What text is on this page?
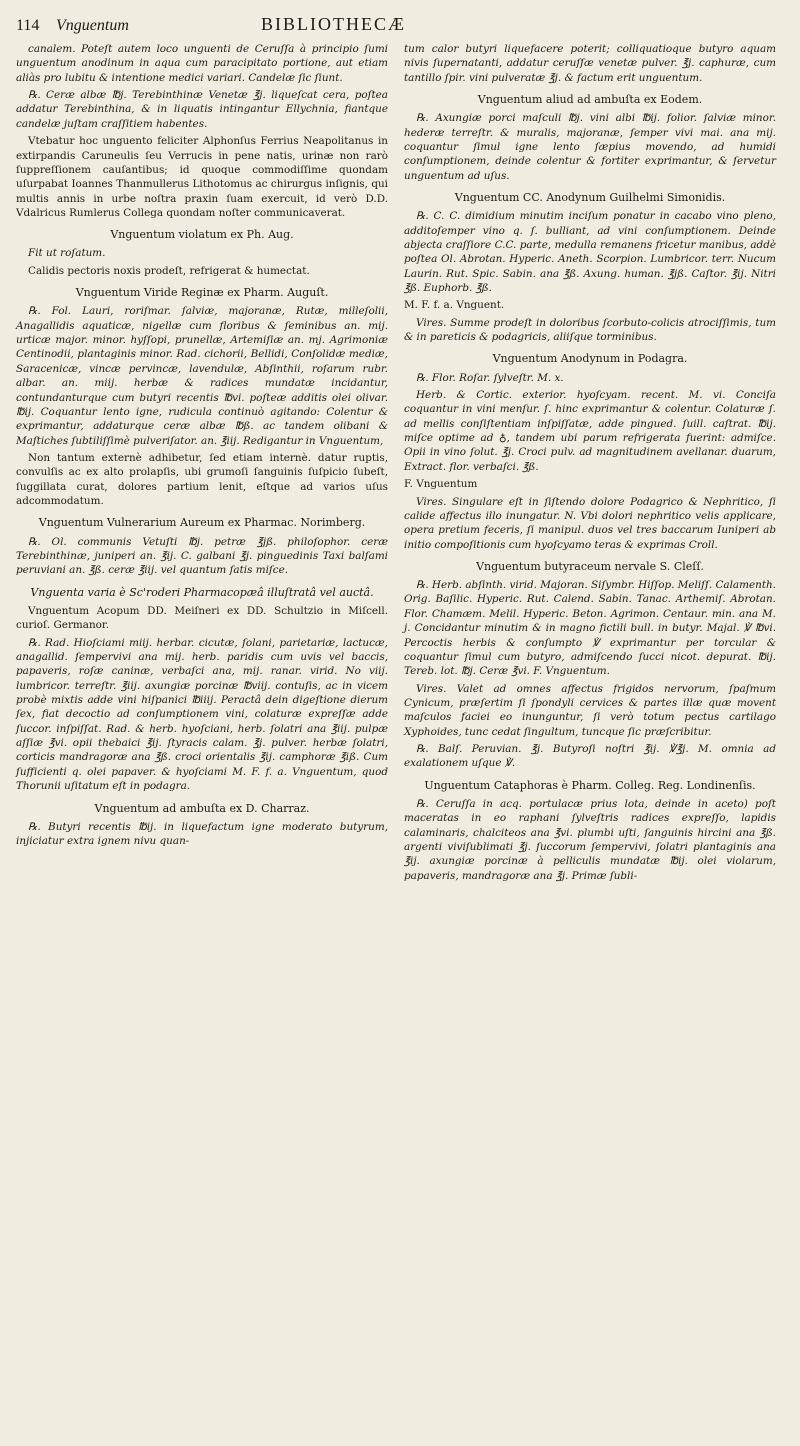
114	Vnguentum	BIBLIOTHECÆ

canalem. Poteſt autem loco unguenti de Ceruſſa à principio ſumi unguentum anodinum in aqua cum paracipitato portione, aut etiam aliàs pro lubitu & intentione medici variari. Candelæ ſic ſiunt.

℞. Ceræ albæ ℔j. Terebinthinæ Venetæ ℥j. liqueſcat cera, poſtea addatur Terebinthina, & in liquatis intingantur Ellychnia, fiantque candelæ juſtam craſſitiem habentes.

Vtebatur hoc unguento feliciter Alphonſus Ferrius Neapolitanus in extirpandis Caruneulis ſeu Verrucis in pene natis, urinæ non rarò ſuppreſſionem cauſantibus; id quoque commodiſſime quondam uſurpabat Ioannes Thanmullerus Lithotomus ac chirurgus inſignis, qui multis annis in urbe noſtra praxin ſuam exercuit, id verò D.D. Vdalricus Rumlerus Collega quondam noſter communicaverat.

Vnguentum violatum ex Ph. Aug.

Fit ut roſatum.

Calidis pectoris noxis prodeſt, refrigerat & humectat.

Vnguentum Viride Reginæ ex Pharm. Auguſt.

℞. Fol. Lauri, roriſmar. ſalviæ, majoranæ, Rutæ, milleſolii, Anagallidis aquaticæ, nigellæ cum floribus & ſeminibus an. mij. urticæ major. minor. hyſſopi, prunellæ, Artemiſiæ an. mj. Agrimoniæ Centinodii, plantaginis minor. Rad. cichorii, Bellidi, Conſolidæ mediæ, Saracenicæ, vincæ pervincæ, lavendulæ, Abſinthii, roſarum rubr. albar. an. miij. herbæ & radices mundatæ incidantur, contundanturque cum butyri recentis ℔vi. poſteæ additis olei olivar. ℔ij. Coquantur lento igne, rudicula continuò agitando: Colentur & exprimantur, addaturque ceræ albæ ℔ß. ac tandem olibani & Maſtiches ſubtiliſſimè pulveriſator. an. ℥iij. Redigantur in Vnguentum,

Non tantum externè adhibetur, ſed etiam internè. datur ruptis, convulſis ac ex alto prolapſis, ubi grumoſi ſanguinis ſuſpicio ſubeſt, ſuggillata curat, dolores partium lenit, eſtque ad varios uſus adcommodatum.

Vnguentum Vulnerarium Aureum ex Pharmac. Norimberg.

℞. Ol. communis Vetuſti ℔j. petræ ℥jß. philoſophor. ceræ Terebinthinæ, juniperi an. ℥ij. C. galbani ℥j. pinguedinis Taxi balſami peruviani an. ℥ß. ceræ ℥iij. vel quantum ſatis miſce.

Vnguenta varia è Sc'roderi Pharmacopæâ illuſtratâ vel auctâ.

Vnguentum Acopum DD. Meiſneri ex DD. Schultzio in Miſcell. curioſ. Germanor.

℞. Rad. Hioſciami miij. herbar. cicutæ, ſolani, parietariæ, lactucæ, anagallid. ſempervivi ana mij. herb. paridis cum uvis vel baccis, papaveris, roſæ caninæ, verbaſci ana, mij. ranar. virid. No viij. lumbricor. terreſtr. ℥iij. axungiæ porcinæ ℔viij. contuſis, ac in vicem probè mixtis adde vini hiſpanici ℔iiij. Peractâ dein digeſtione dierum ſex, fiat decoctio ad conſumptionem vini, colaturæ expreſſæ adde ſuccor. inſpiſſat. Rad. & herb. hyoſciani, herb. ſolatri ana ℥iij. pulpæ aſſiæ ℥vi. opii thebaici ℥ij. ſtyracis calam. ℥j. pulver. herbæ ſolatri, corticis mandragoræ ana ℥ß. croci orientalis ℥ij. camphoræ ℥iß. Cum ſufficienti q. olei papaver. & hyoſciami M. F. f. a. Vnguentum, quod Thorunii uſitatum eſt in podagra.

Vnguentum ad ambuſta ex D. Charraz.

℞. Butyri recentis ℔ij. in liquefactum igne moderato butyrum, injiciatur extra ignem nivu quan-

tum calor butyri liquefacere poterit; colliquatioque butyro aquam nivis ſupernatanti, addatur ceruſſæ venetæ pulver. ℥j. caphuræ, cum tantillo ſpir. vini pulveratæ ℥j. & factum erit unguentum.

Vnguentum aliud ad ambuſta ex Eodem.

℞. Axungiæ porci maſculi ℔j. vini albi ℔ij. folior. ſalviæ minor. hederæ terreſtr. & muralis, majoranæ, ſemper vivi mai. ana mij. coquantur ſimul igne lento ſæpius movendo, ad humidi conſumptionem, deinde colentur & fortiter exprimantur, & ſervetur unguentum ad uſus.

Vnguentum CC. Anodynum Guilhelmi Simonidis.

℞. C. C. dimidium minutim inciſum ponatur in cacabo vino pleno, additoſemper vino q. ſ. bulliant, ad vini conſumptionem. Deinde abjecta craſſiore C.C. parte, medulla remanens fricetur manibus, addè poſtea Ol. Abrotan. Hyperic. Aneth. Scorpion. Lumbricor. terr. Nucum Laurin. Rut. Spic. Sabin. ana ℥ß. Axung. human. ℥jß. Caſtor. ℥ij. Nitri ℥ß. Euphorb. ℥ß.

M. F. f. a. Vnguent.

Vires. Summe prodeſt in doloribus ſcorbuto-colicis atrociſſimis, tum & in pareticis & podagricis, aliiſque torminibus.

Vnguentum Anodynum in Podagra.

℞. Flor. Roſar. ſylveſtr. M. x.

Herb. & Cortic. exterior. hyoſcyam. recent. M. vi. Conciſa coquantur in vini menſur. ſ. hinc exprimantur & colentur. Colaturæ ſ. ad mellis conſiſtentiam inſpiſſatæ, adde pingued. ſuill. caſtrat. ℔ij. miſce optime ad ♁, tandem ubi parum refrigerata fuerint: admiſce. Opii in vino ſolut. ℥j. Croci pulv. ad magnitudinem avellanar. duarum, Extract. flor. verbaſci. ℥ß.

F. Vnguentum

Vires. Singulare eſt in ſiſtendo dolore Podagrico & Nephritico, ſi calide affectus illo inungatur. N. Vbi dolori nephritico velis applicare, opera pretium feceris, ſi manipul. duos vel tres baccarum Iuniperi ab initio compoſitionis cum hyoſcyamo teras & exprimas Croll.

Vnguentum butyraceum nervale S. Cleſſ.

℞. Herb. abſinth. virid. Majoran. Siſymbr. Hiſſop. Meliſſ. Calamenth. Orig. Baſilic. Hyperic. Rut. Calend. Sabin. Tanac. Arthemiſ. Abrotan. Flor. Chamæm. Melil. Hyperic. Beton. Agrimon. Centaur. min. ana M. j. Concidantur minutim & in magno fictili bull. in butyr. Majal. ℣ ℔vi. Percoctis herbis & conſumpto ℣ exprimantur per torcular & coquantur ſimul cum butyro, admiſcendo ſucci nicot. depurat. ℔ij. Tereb. lot. ℔j. Ceræ ℥vi. F. Vnguentum.

Vires. Valet ad omnes affectus frigidos nervorum, ſpaſmum Cynicum, præſertim ſi ſpondyli cervices & partes illæ quæ movent maſculos faciei eo inunguntur, ſi verò totum pectus cartilago Xyphoides, tunc cedat ſingultum, tuncque ſic præſcribitur.

℞. Balſ. Peruvian. ℥j. Butyroſi noſtri ℥ij. ℣℥j. M. omnia ad exalationem uſque ℣.

Unguentum Cataphoras è Pharm. Colleg. Reg. Londinenſis.

℞. Ceruſſa in acq. portulacæ prius lota, deinde in aceto) poſt maceratas in eo raphani ſylveſtris radices expreſſo, lapidis calaminaris, chalciteos ana ℥vi. plumbi uſti, ſanguinis hircini ana ℥ß. argenti viviſublimati ℥j. ſuccorum ſempervivi, ſolatri plantaginis ana ℥ij. axungiæ porcinæ à pelliculis mundatæ ℔ij. olei violarum, papaveris, mandragoræ ana ℥j. Primæ ſubli-
